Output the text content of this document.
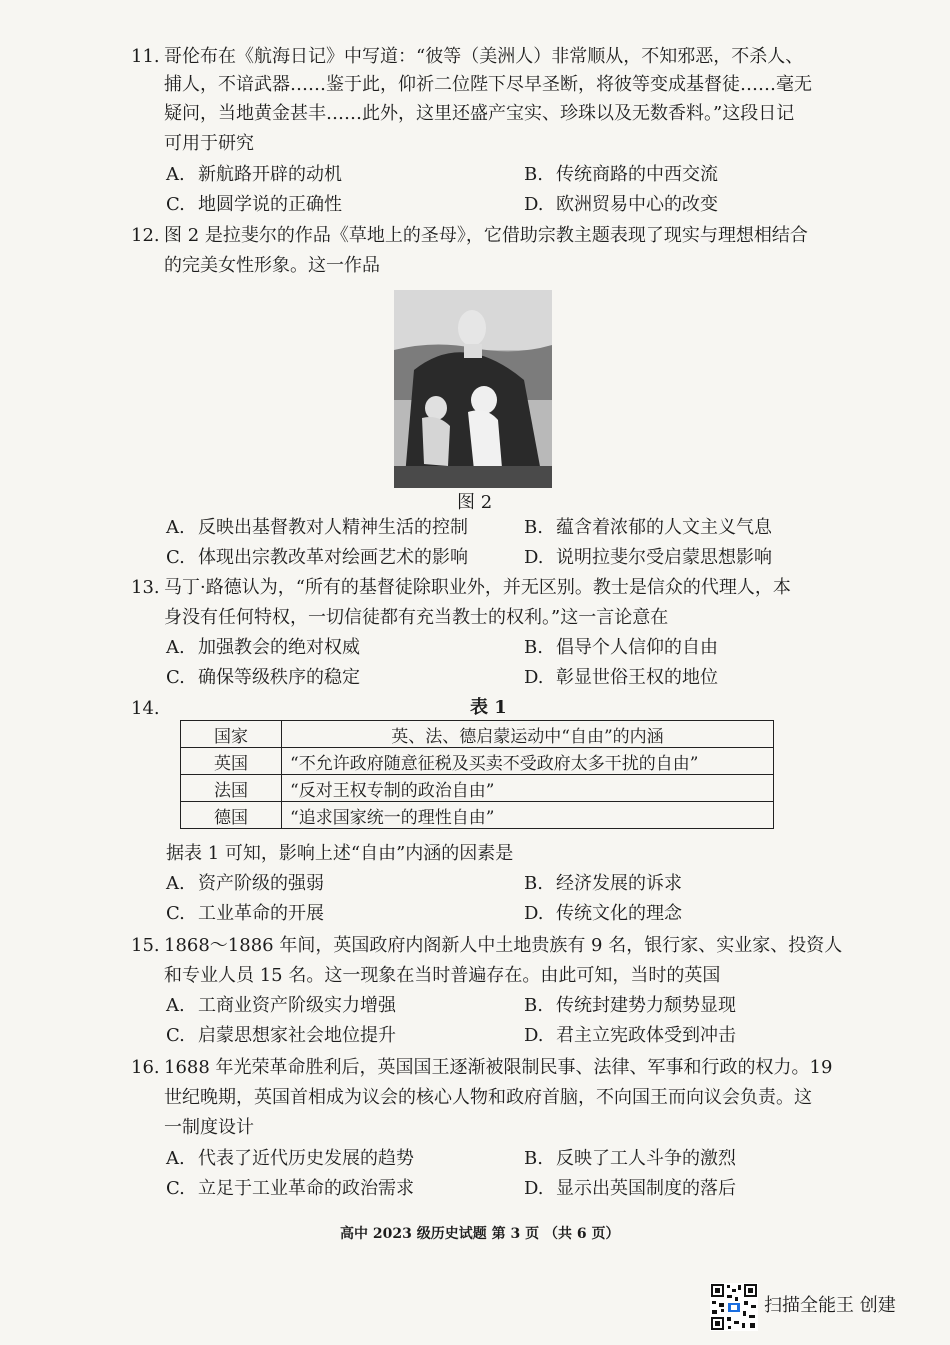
11. 哥伦布在《航海日记》中写道：“彼等（美洲人）非常顺从，不知邪恶，不杀人、
捕人，不谙武器……鉴于此，仰祈二位陛下尽早圣断，将彼等变成基督徒……毫无
疑问，当地黄金甚丰……此外，这里还盛产宝实、珍珠以及无数香料。”这段日记
可用于研究
A. 新航路开辟的动机	B. 传统商路的中西交流
C. 地圆学说的正确性	D. 欧洲贸易中心的改变
12. 图 2 是拉斐尔的作品《草地上的圣母》，它借助宗教主题表现了现实与理想相结合
的完美女性形象。这一作品
图 2
A. 反映出基督教对人精神生活的控制	B. 蕴含着浓郁的人文主义气息
C. 体现出宗教改革对绘画艺术的影响	D. 说明拉斐尔受启蒙思想影响
13. 马丁·路德认为，“所有的基督徒除职业外，并无区别。教士是信众的代理人，本
身没有任何特权，一切信徒都有充当教士的权利。”这一言论意在
A. 加强教会的绝对权威	B. 倡导个人信仰的自由
C. 确保等级秩序的稳定	D. 彰显世俗王权的地位
14.	表 1
国家	英、法、德启蒙运动中“自由”的内涵
英国	“不允许政府随意征税及买卖不受政府太多干扰的自由”
法国	“反对王权专制的政治自由”
德国	“追求国家统一的理性自由”
据表 1 可知，影响上述“自由”内涵的因素是
A. 资产阶级的强弱	B. 经济发展的诉求
C. 工业革命的开展	D. 传统文化的理念
15. 1868～1886 年间，英国政府内阁新人中土地贵族有 9 名，银行家、实业家、投资人
和专业人员 15 名。这一现象在当时普遍存在。由此可知，当时的英国
A. 工商业资产阶级实力增强	B. 传统封建势力颓势显现
C. 启蒙思想家社会地位提升	D. 君主立宪政体受到冲击
16. 1688 年光荣革命胜利后，英国国王逐渐被限制民事、法律、军事和行政的权力。19
世纪晚期，英国首相成为议会的核心人物和政府首脑，不向国王而向议会负责。这
一制度设计
A. 代表了近代历史发展的趋势	B. 反映了工人斗争的激烈
C. 立足于工业革命的政治需求	D. 显示出英国制度的落后
高中 2023 级历史试题 第 3 页 （共 6 页）
扫描全能王 创建
